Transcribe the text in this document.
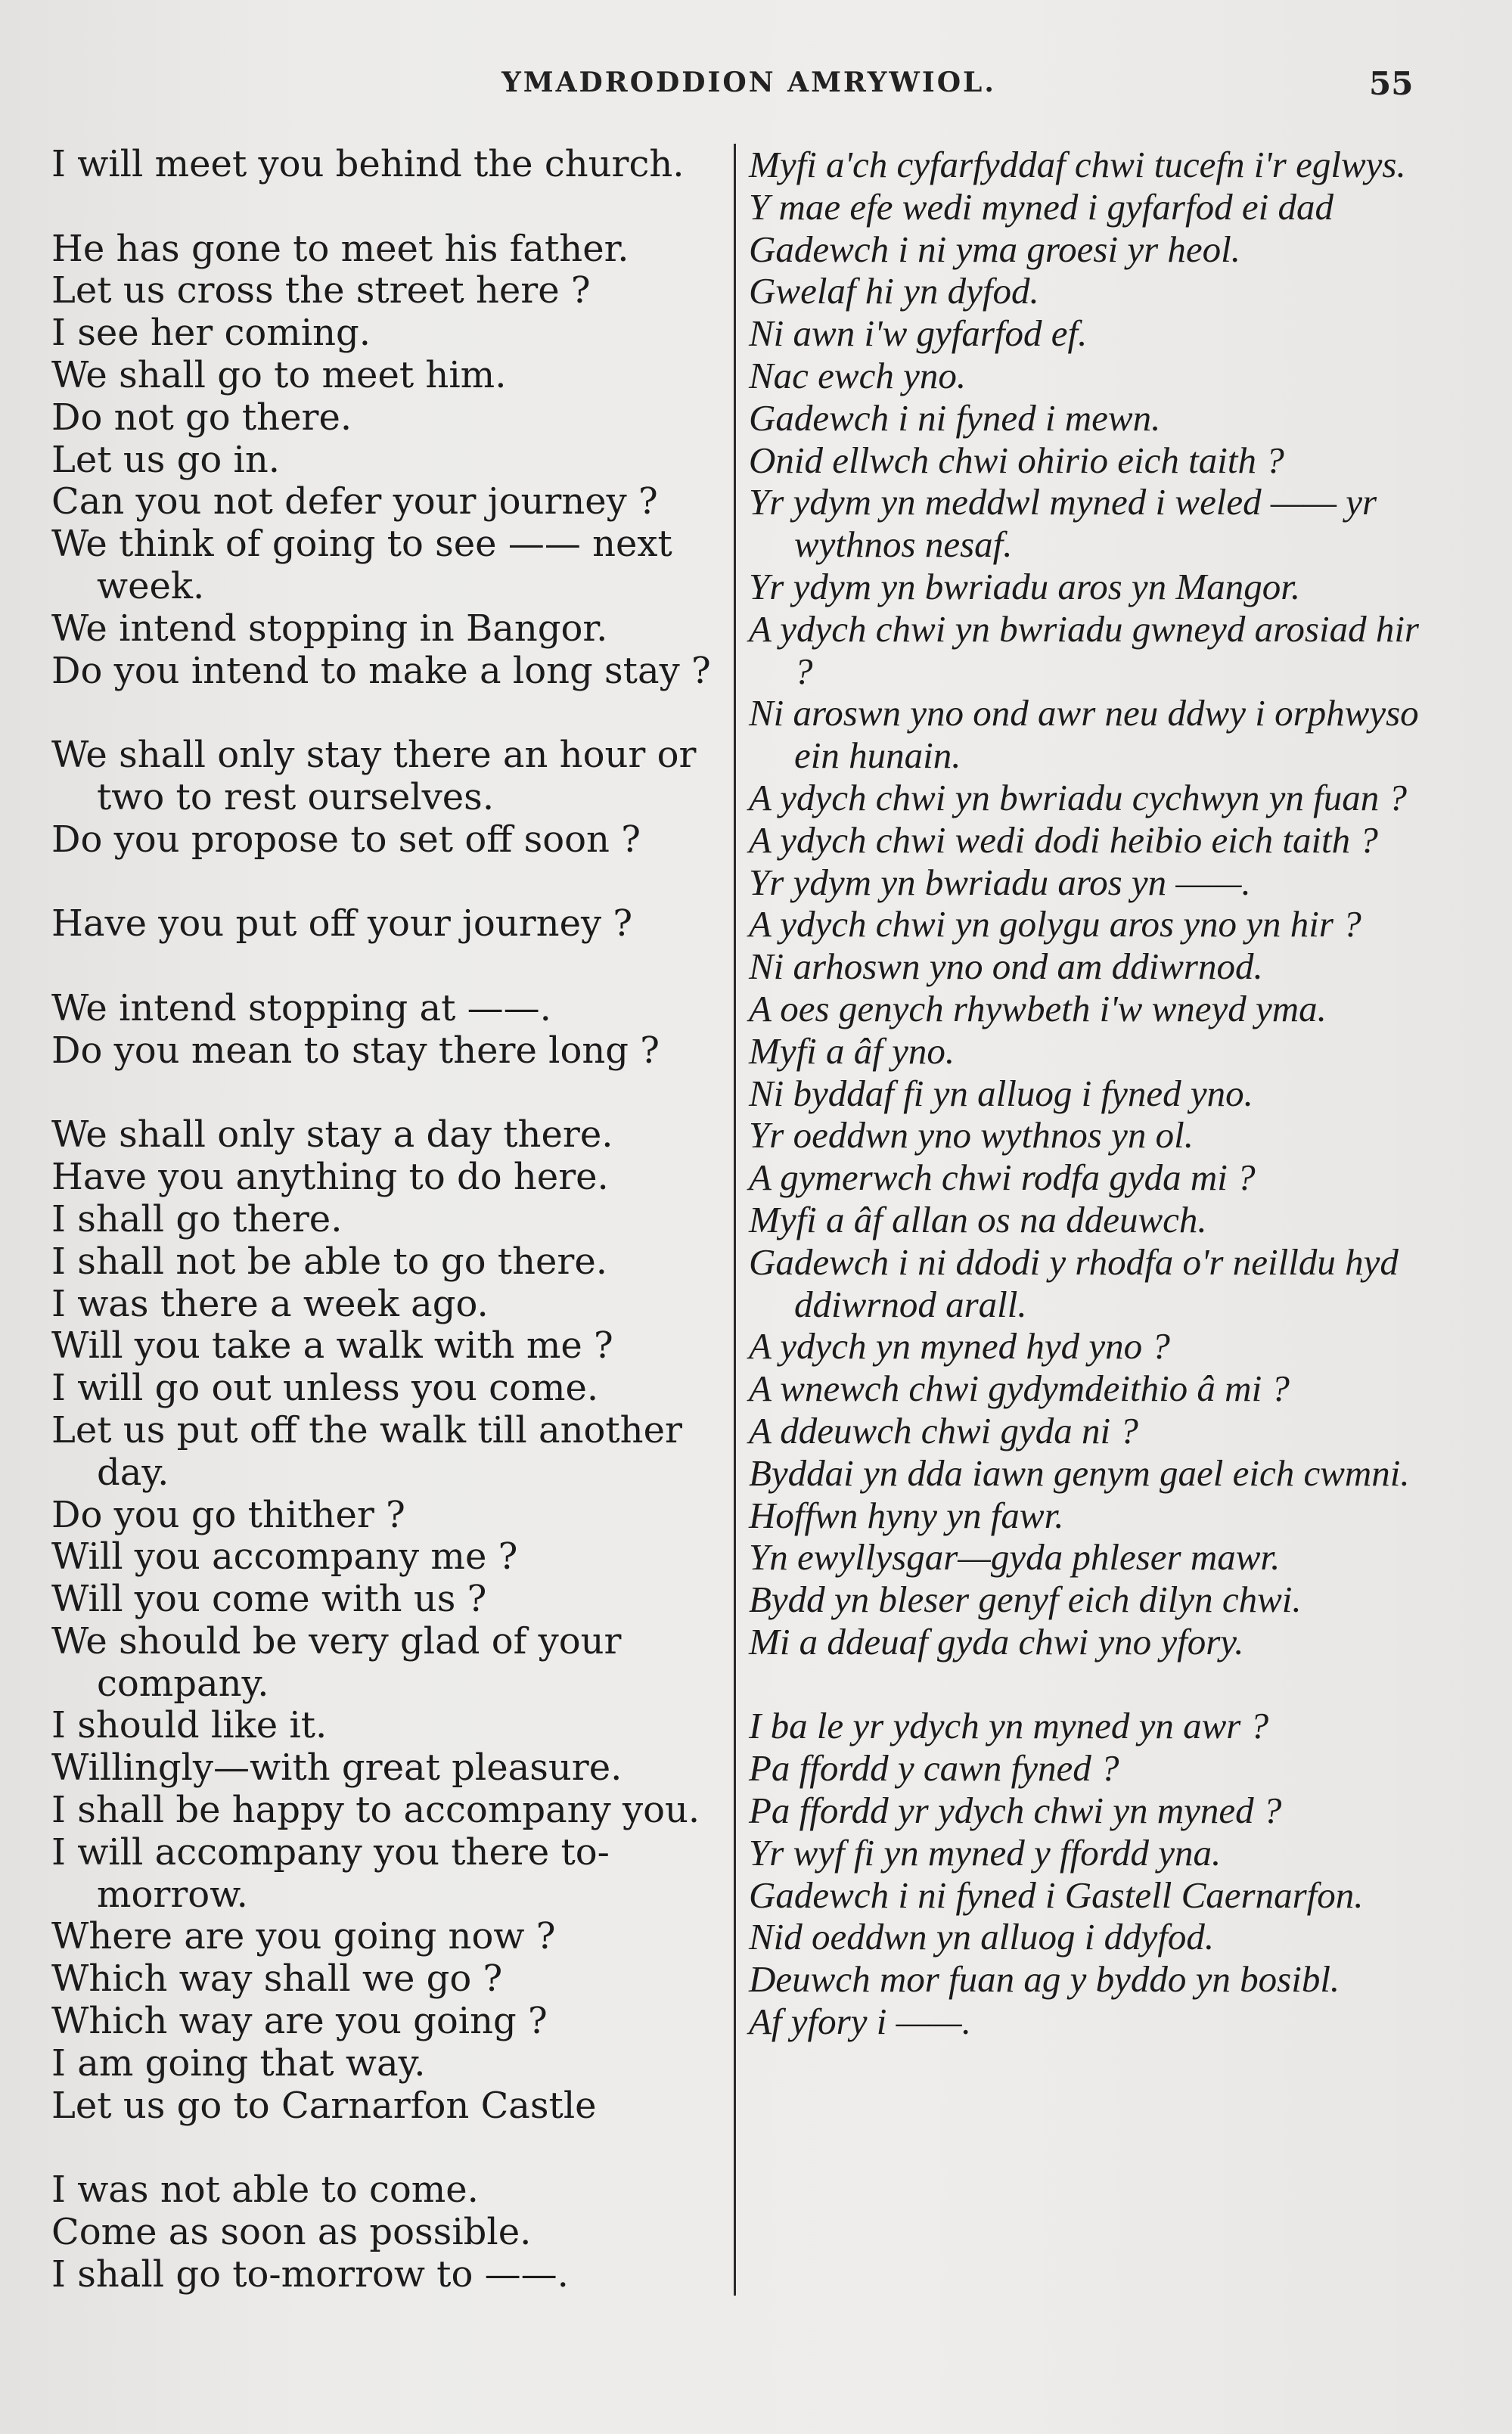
YMADRODDION AMRYWIOL.	55

I will meet you behind the church.

He has gone to meet his father.

Let us cross the street here ?

I see her coming.

We shall go to meet him.

Do not go there.

Let us go in.

Can you not defer your journey ?

We think of going to see —— next week.

We intend stopping in Bangor.

Do you intend to make a long stay ?

We shall only stay there an hour or two to rest ourselves.

Do you propose to set off soon ?

Have you put off your journey ?

We intend stopping at ——.

Do you mean to stay there long ?

We shall only stay a day there.

Have you anything to do here.

I shall go there.

I shall not be able to go there.

I was there a week ago.

Will you take a walk with me ?

I will go out unless you come.

Let us put off the walk till another day.

Do you go thither ?

Will you accompany me ?

Will you come with us ?

We should be very glad of your company.

I should like it.

Willingly—with great pleasure.

I shall be happy to accompany you.

I will accompany you there to-morrow.

Where are you going now ?

Which way shall we go ?

Which way are you going ?

I am going that way.

Let us go to Carnarfon Castle

I was not able to come.

Come as soon as possible.

I shall go to-morrow to ——.

Myfi a'ch cyfarfyddaf chwi tucefn i'r eglwys.

Y mae efe wedi myned i gyfarfod ei dad

Gadewch i ni yma groesi yr heol.

Gwelaf hi yn dyfod.

Ni awn i'w gyfarfod ef.

Nac ewch yno.

Gadewch i ni fyned i mewn.

Onid ellwch chwi ohirio eich taith ?

Yr ydym yn meddwl myned i weled —— yr wythnos nesaf.

Yr ydym yn bwriadu aros yn Mangor.

A ydych chwi yn bwriadu gwneyd arosiad hir ?

Ni aroswn yno ond awr neu ddwy i orphwyso ein hunain.

A ydych chwi yn bwriadu cychwyn yn fuan ?

A ydych chwi wedi dodi heibio eich taith ?

Yr ydym yn bwriadu aros yn ——.

A ydych chwi yn golygu aros yno yn hir ?

Ni arhoswn yno ond am ddiwrnod.

A oes genych rhywbeth i'w wneyd yma.

Myfi a âf yno.

Ni byddaf fi yn alluog i fyned yno.

Yr oeddwn yno wythnos yn ol.

A gymerwch chwi rodfa gyda mi ?

Myfi a âf allan os na ddeuwch.

Gadewch i ni ddodi y rhodfa o'r neilldu hyd ddiwrnod arall.

A ydych yn myned hyd yno ?

A wnewch chwi gydymdeithio â mi ?

A ddeuwch chwi gyda ni ?

Byddai yn dda iawn genym gael eich cwmni.

Hoffwn hyny yn fawr.

Yn ewyllysgar—gyda phleser mawr.

Bydd yn bleser genyf eich dilyn chwi.

Mi a ddeuaf gyda chwi yno yfory.

I ba le yr ydych yn myned yn awr ?

Pa ffordd y cawn fyned ?

Pa ffordd yr ydych chwi yn myned ?

Yr wyf fi yn myned y ffordd yna.

Gadewch i ni fyned i Gastell Caernarfon.

Nid oeddwn yn alluog i ddyfod.

Deuwch mor fuan ag y byddo yn bosibl.

Af yfory i ——.
